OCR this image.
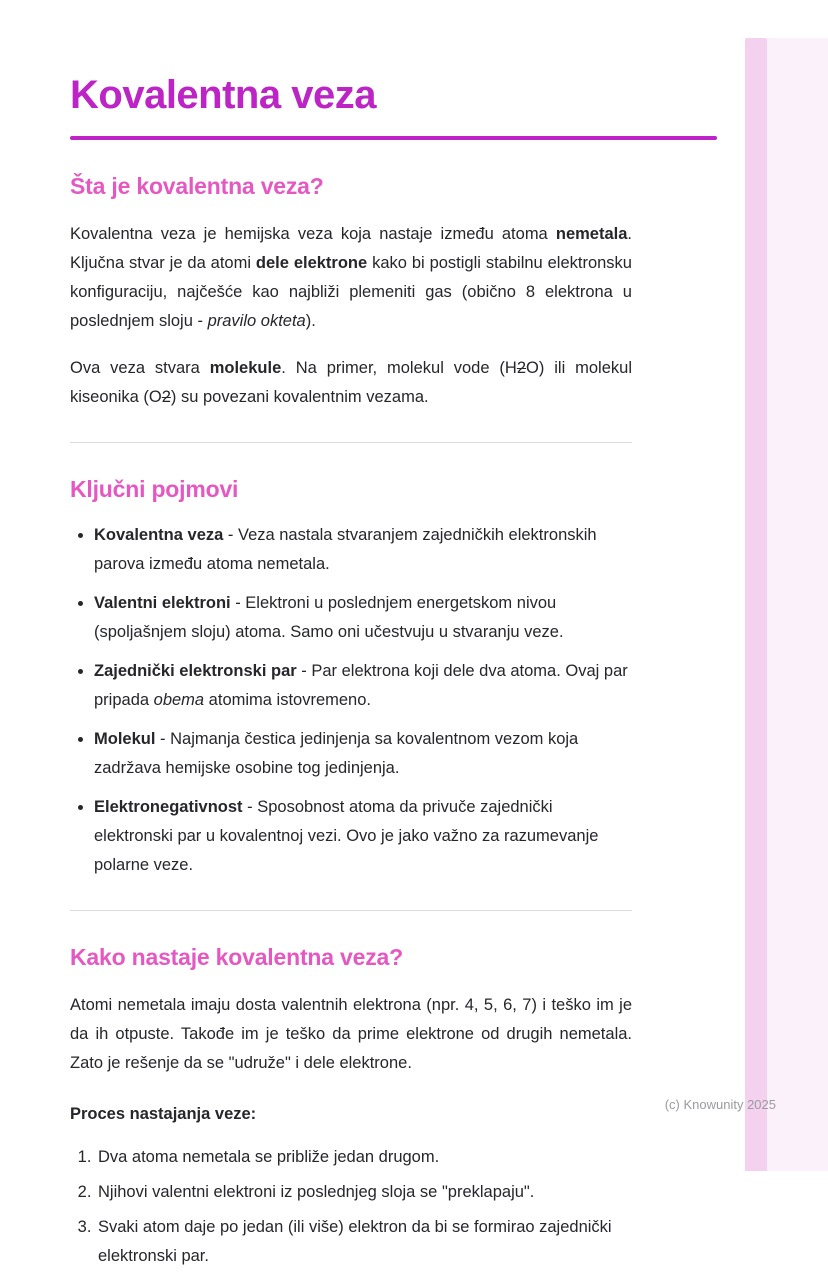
Kovalentna veza
Šta je kovalentna veza?

Kovalentna veza je hemijska veza koja nastaje između atoma nemetala. Ključna stvar je da atomi dele elektrone kako bi postigli stabilnu elektronsku konfiguraciju, najčešće kao najbliži plemeniti gas (obično 8 elektrona u poslednjem sloju - pravilo okteta).

Ova veza stvara molekule. Na primer, molekul vode (H2O) ili molekul kiseonika (O2) su povezani kovalentnim vezama.

Ključni pojmovi
• Kovalentna veza - Veza nastala stvaranjem zajedničkih elektronskih parova između atoma nemetala.
• Valentni elektroni - Elektroni u poslednjem energetskom nivou (spoljašnjem sloju) atoma. Samo oni učestvuju u stvaranju veze.
• Zajednički elektronski par - Par elektrona koji dele dva atoma. Ovaj par pripada obema atomima istovremeno.
• Molekul - Najmanja čestica jedinjenja sa kovalentnom vezom koja zadržava hemijske osobine tog jedinjenja.
• Elektronegativnost - Sposobnost atoma da privuče zajednički elektronski par u kovalentnoj vezi. Ovo je jako važno za razumevanje polarne veze.
Kako nastaje kovalentna veza?

Atomi nemetala imaju dosta valentnih elektrona (npr. 4, 5, 6, 7) i teško im je da ih otpuste. Takođe im je teško da prime elektrone od drugih nemetala. Zato je rešenje da se "udruže" i dele elektrone.

Proces nastajanja veze:

1. Dva atoma nemetala se približe jedan drugom.
2. Njihovi valentni elektroni iz poslednjeg sloja se "preklapaju".
3. Svaki atom daje po jedan (ili više) elektron da bi se formirao zajednički elektronski par.
(c) Knowunity 2025
